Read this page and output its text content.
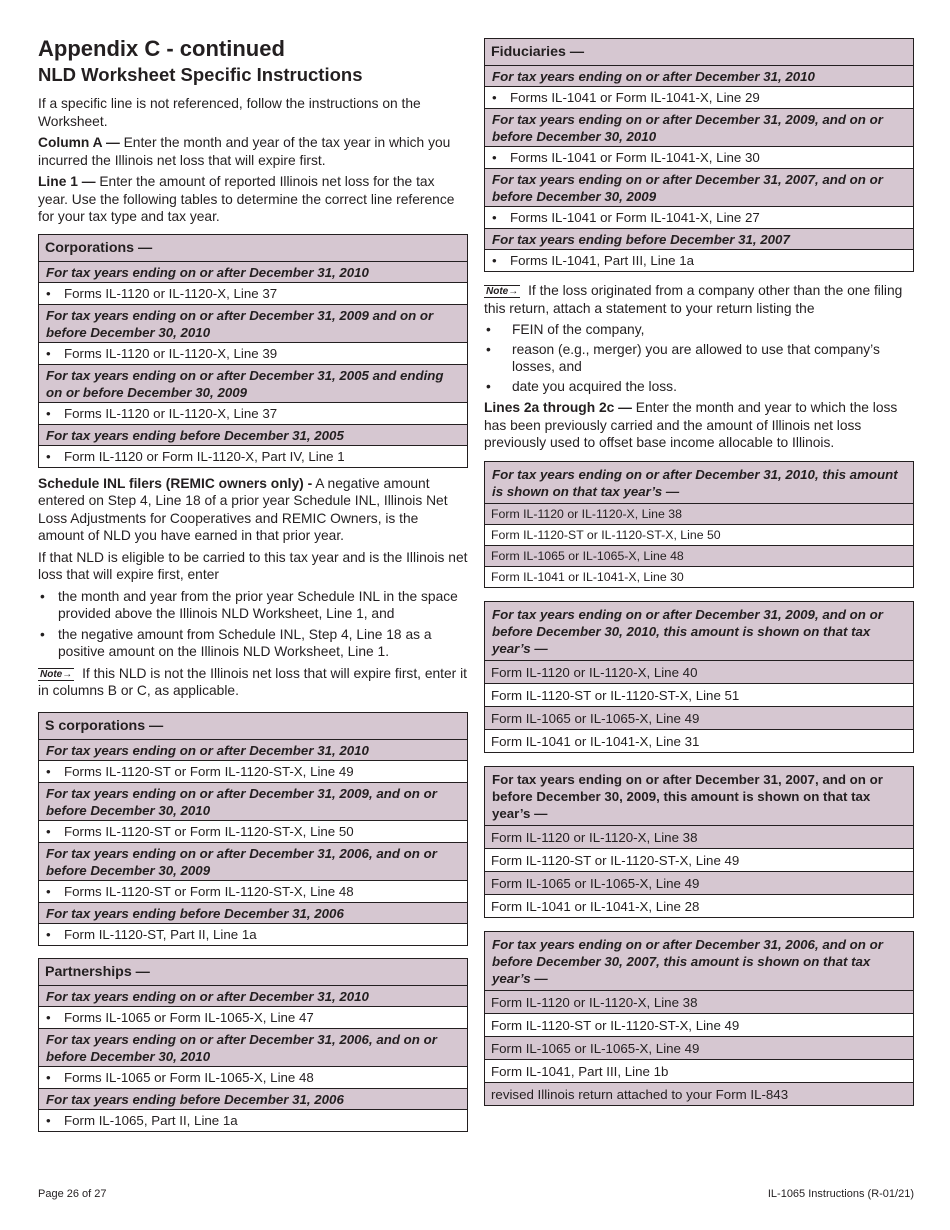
Appendix C - continued
NLD Worksheet Specific Instructions

If a specific line is not referenced, follow the instructions on the Worksheet.

Column A — Enter the month and year of the tax year in which you incurred the Illinois net loss that will expire first.

Line 1 — Enter the amount of reported Illinois net loss for the tax year. Use the following tables to determine the correct line reference for your tax type and tax year.

Corporations —
For tax years ending on or after December 31, 2010
• Forms IL-1120 or IL-1120-X, Line 37
For tax years ending on or after December 31, 2009 and on or before December 30, 2010
• Forms IL-1120 or IL-1120-X, Line 39
For tax years ending on or after December 31, 2005 and ending on or before December 30, 2009
• Forms IL-1120 or IL-1120-X, Line 37
For tax years ending before December 31, 2005
• Form IL-1120 or Form IL-1120-X, Part IV, Line 1

Schedule INL filers (REMIC owners only) - A negative amount entered on Step 4, Line 18 of a prior year Schedule INL, Illinois Net Loss Adjustments for Cooperatives and REMIC Owners, is the amount of NLD you have earned in that prior year.

If that NLD is eligible to be carried to this tax year and is the Illinois net loss that will expire first, enter

• the month and year from the prior year Schedule INL in the space provided above the Illinois NLD Worksheet, Line 1, and
• the negative amount from Schedule INL, Step 4, Line 18 as a positive amount on the Illinois NLD Worksheet, Line 1.

Note→ If this NLD is not the Illinois net loss that will expire first, enter it in columns B or C, as applicable.

S corporations —
For tax years ending on or after December 31, 2010
• Forms IL-1120-ST or Form IL-1120-ST-X, Line 49
For tax years ending on or after December 31, 2009, and on or before December 30, 2010
• Forms IL-1120-ST or Form IL-1120-ST-X, Line 50
For tax years ending on or after December 31, 2006, and on or before December 30, 2009
• Forms IL-1120-ST or Form IL-1120-ST-X, Line 48
For tax years ending before December 31, 2006
• Form IL-1120-ST, Part II, Line 1a
Partnerships —
For tax years ending on or after December 31, 2010
• Forms IL-1065 or Form IL-1065-X, Line 47
For tax years ending on or after December 31, 2006, and on or before December 30, 2010
• Forms IL-1065 or Form IL-1065-X, Line 48
For tax years ending before December 31, 2006
• Form IL-1065, Part II, Line 1a
Fiduciaries —
For tax years ending on or after December 31, 2010
• Forms IL-1041 or Form IL-1041-X, Line 29
For tax years ending on or after December 31, 2009, and on or before December 30, 2010
• Forms IL-1041 or Form IL-1041-X, Line 30
For tax years ending on or after December 31, 2007, and on or before December 30, 2009
• Forms IL-1041 or Form IL-1041-X, Line 27
For tax years ending before December 31, 2007
• Forms IL-1041, Part III, Line 1a

Note→ If the loss originated from a company other than the one filing this return, attach a statement to your return listing the

• FEIN of the company,
• reason (e.g., merger) you are allowed to use that company’s losses, and
• date you acquired the loss.

Lines 2a through 2c — Enter the month and year to which the loss has been previously carried and the amount of Illinois net loss previously used to offset base income allocable to Illinois.

For tax years ending on or after December 31, 2010, this amount is shown on that tax year’s —
Form IL-1120 or IL-1120-X, Line 38
Form IL-1120-ST or IL-1120-ST-X, Line 50
Form IL-1065 or IL-1065-X, Line 48
Form IL-1041 or IL-1041-X, Line 30
For tax years ending on or after December 31, 2009, and on or before December 30, 2010, this amount is shown on that tax year’s —
Form IL-1120 or IL-1120-X, Line 40
Form IL-1120-ST or IL-1120-ST-X, Line 51
Form IL-1065 or IL-1065-X, Line 49
Form IL-1041 or IL-1041-X, Line 31
For tax years ending on or after December 31, 2007, and on or before December 30, 2009, this amount is shown on that tax year’s —
Form IL-1120 or IL-1120-X, Line 38
Form IL-1120-ST or IL-1120-ST-X, Line 49
Form IL-1065 or IL-1065-X, Line 49
Form IL-1041 or IL-1041-X, Line 28
For tax years ending on or after December 31, 2006, and on or before December 30, 2007, this amount is shown on that tax year’s —
Form IL-1120 or IL-1120-X, Line 38
Form IL-1120-ST or IL-1120-ST-X, Line 49
Form IL-1065 or IL-1065-X, Line 49
Form IL-1041, Part III, Line 1b
revised Illinois return attached to your Form IL-843
Page 26 of 27	IL-1065 Instructions (R-01/21)
